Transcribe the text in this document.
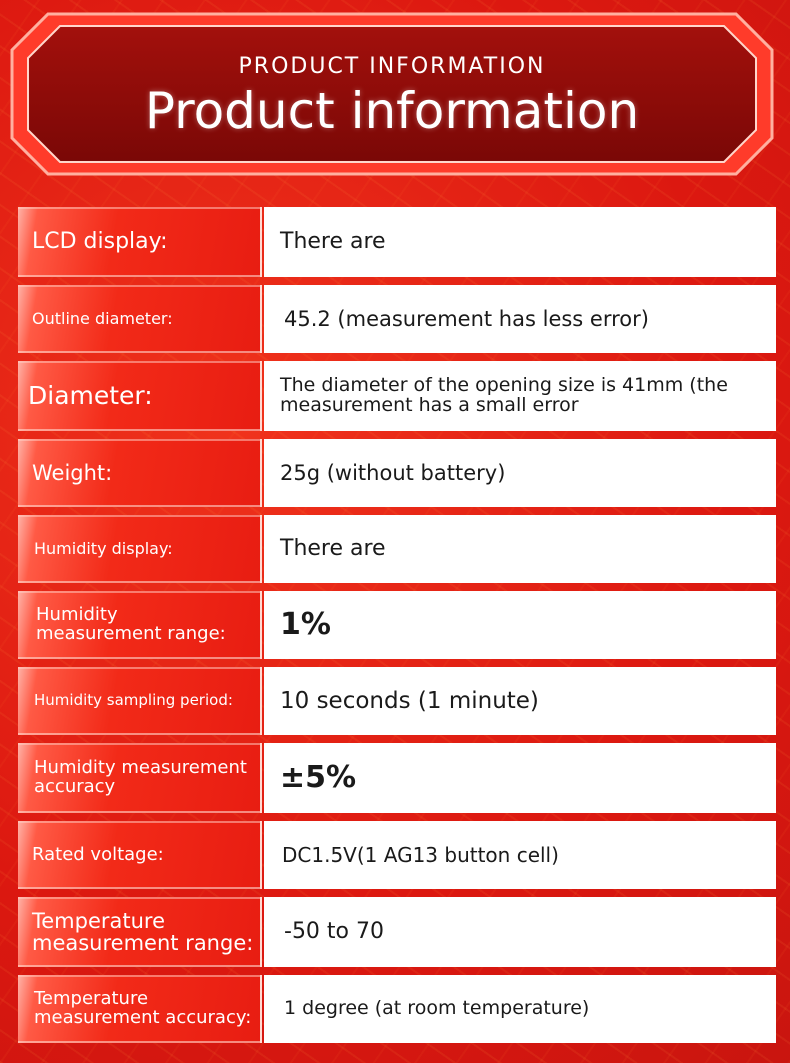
PRODUCT INFORMATION
Product information
LCD display:	There are
Outline diameter:	45.2 (measurement has less error)
Diameter:	The diameter of the opening size is 41mm (the measurement has a small error
Weight:	25g (without battery)
Humidity display:	There are
Humidity measurement range:	1%
Humidity sampling period:	10 seconds (1 minute)
Humidity measurement accuracy	±5%
Rated voltage:	DC1.5V(1 AG13 button cell)
Temperature measurement range:	-50 to 70
Temperature measurement accuracy:	1 degree (at room temperature)
